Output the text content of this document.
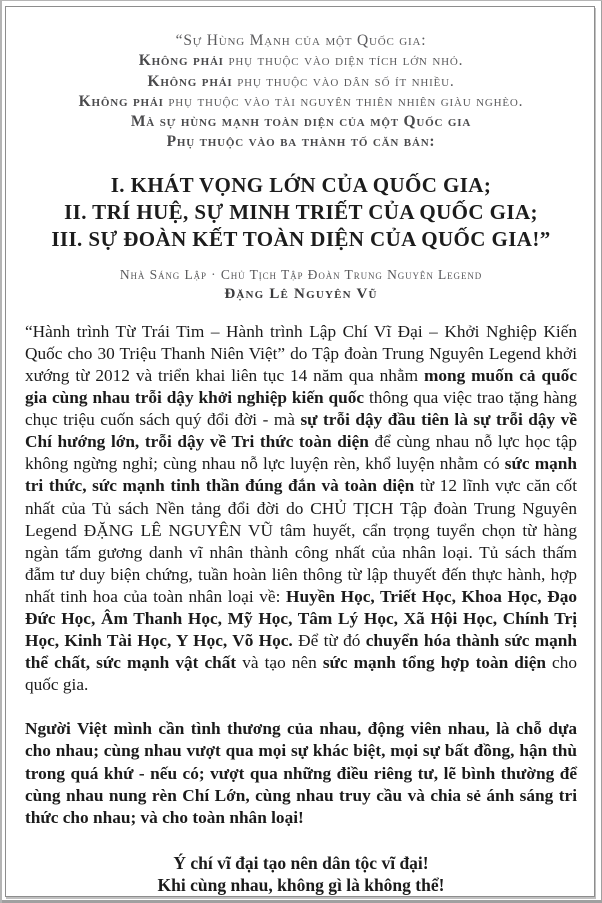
“Sự Hùng Mạnh của một Quốc gia:
Không phải phụ thuộc vào diện tích lớn nhỏ.
Không phải phụ thuộc vào dân số ít nhiều.
Không phải phụ thuộc vào tài nguyên thiên nhiên giàu nghèo.
Mà sự hùng mạnh toàn diện của một Quốc gia
Phụ thuộc vào ba thành tố căn bản:
I. KHÁT VỌNG LỚN CỦA QUỐC GIA;
II. TRÍ HUỆ, SỰ MINH TRIẾT CỦA QUỐC GIA;
III. SỰ ĐOÀN KẾT TOÀN DIỆN CỦA QUỐC GIA!”
Nhà Sáng Lập · Chủ Tịch Tập Đoàn Trung Nguyên Legend
Đặng Lê Nguyên Vũ

“Hành trình Từ Trái Tim – Hành trình Lập Chí Vĩ Đại – Khởi Nghiệp Kiến Quốc cho 30 Triệu Thanh Niên Việt” do Tập đoàn Trung Nguyên Legend khởi xướng từ 2012 và triển khai liên tục 14 năm qua nhằm mong muốn cả quốc gia cùng nhau trỗi dậy khởi nghiệp kiến quốc thông qua việc trao tặng hàng chục triệu cuốn sách quý đổi đời - mà sự trỗi dậy đầu tiên là sự trỗi dậy về Chí hướng lớn, trỗi dậy về Tri thức toàn diện để cùng nhau nỗ lực học tập không ngừng nghỉ; cùng nhau nỗ lực luyện rèn, khổ luyện nhằm có sức mạnh tri thức, sức mạnh tinh thần đúng đắn và toàn diện từ 12 lĩnh vực căn cốt nhất của Tủ sách Nền tảng đổi đời do CHỦ TỊCH Tập đoàn Trung Nguyên Legend ĐẶNG LÊ NGUYÊN VŨ tâm huyết, cẩn trọng tuyển chọn từ hàng ngàn tấm gương danh vĩ nhân thành công nhất của nhân loại. Tủ sách thấm đẫm tư duy biện chứng, tuần hoàn liên thông từ lập thuyết đến thực hành, hợp nhất tinh hoa của toàn nhân loại về: Huyền Học, Triết Học, Khoa Học, Đạo Đức Học, Âm Thanh Học, Mỹ Học, Tâm Lý Học, Xã Hội Học, Chính Trị Học, Kinh Tài Học, Y Học, Võ Học. Để từ đó chuyển hóa thành sức mạnh thể chất, sức mạnh vật chất và tạo nên sức mạnh tổng hợp toàn diện cho quốc gia.

Người Việt mình cần tình thương của nhau, động viên nhau, là chỗ dựa cho nhau; cùng nhau vượt qua mọi sự khác biệt, mọi sự bất đồng, hận thù trong quá khứ - nếu có; vượt qua những điều riêng tư, lẽ bình thường để cùng nhau nung rèn Chí Lớn, cùng nhau truy cầu và chia sẻ ánh sáng tri thức cho nhau; và cho toàn nhân loại!

Ý chí vĩ đại tạo nên dân tộc vĩ đại!
Khi cùng nhau, không gì là không thể!
